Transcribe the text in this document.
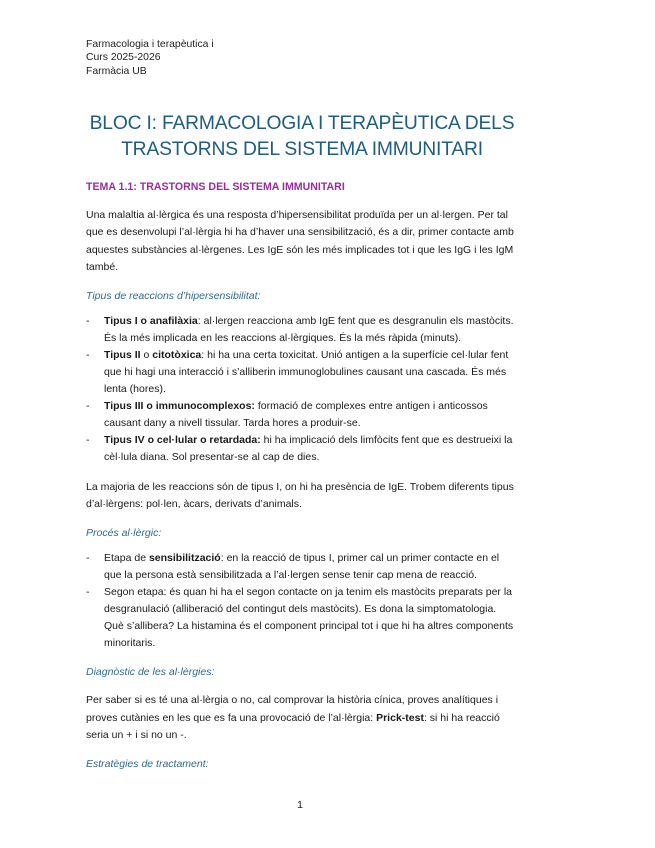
Farmacologia i terapèutica i
Curs 2025-2026
Farmàcia UB
BLOC I: FARMACOLOGIA I TERAPÈUTICA DELS
TRASTORNS DEL SISTEMA IMMUNITARI
TEMA 1.1: TRASTORNS DEL SISTEMA IMMUNITARI

Una malaltia al·lèrgica és una resposta d’hipersensibilitat produïda per un al·lergen. Per tal que es desenvolupi l’al·lèrgia hi ha d’haver una sensibilització, és a dir, primer contacte amb aquestes substàncies al·lèrgenes. Les IgE són les més implicades tot i que les IgG i les IgM també.

Tipus de reaccions d’hipersensibilitat:
- Tipus I o anafilàxia: al·lergen reacciona amb IgE fent que es desgranulin els mastòcits. És la més implicada en les reaccions al·lèrgiques. És la més ràpida (minuts).
- Tipus II o citotòxica: hi ha una certa toxicitat. Unió antigen a la superfície cel·lular fent que hi hagi una interacció i s’alliberin immunoglobulines causant una cascada. És més lenta (hores).
- Tipus III o immunocomplexos: formació de complexes entre antigen i anticossos causant dany a nivell tissular. Tarda hores a produir-se.
- Tipus IV o cel·lular o retardada: hi ha implicació dels limfòcits fent que es destrueixi la cèl·lula diana. Sol presentar-se al cap de dies.

La majoria de les reaccions són de tipus I, on hi ha presència de IgE. Trobem diferents tipus d’al·lèrgens: pol·len, àcars, derivats d’animals.

Procés al·lèrgic:
- Etapa de sensibilització: en la reacció de tipus I, primer cal un primer contacte en el que la persona està sensibilitzada a l’al·lergen sense tenir cap mena de reacció.
- Segon etapa: és quan hi ha el segon contacte on ja tenim els mastòcits preparats per la desgranulació (alliberació del contingut dels mastòcits). Es dona la simptomatologia. Què s’allibera? La histamina és el component principal tot i que hi ha altres components minoritaris.
Diagnòstic de les al·lèrgies:

Per saber si es té una al·lèrgia o no, cal comprovar la història cínica, proves analítiques i proves cutànies en les que es fa una provocació de l’al·lèrgia: Prick-test: si hi ha reacció seria un + i si no un -.

Estratègies de tractament:
1
